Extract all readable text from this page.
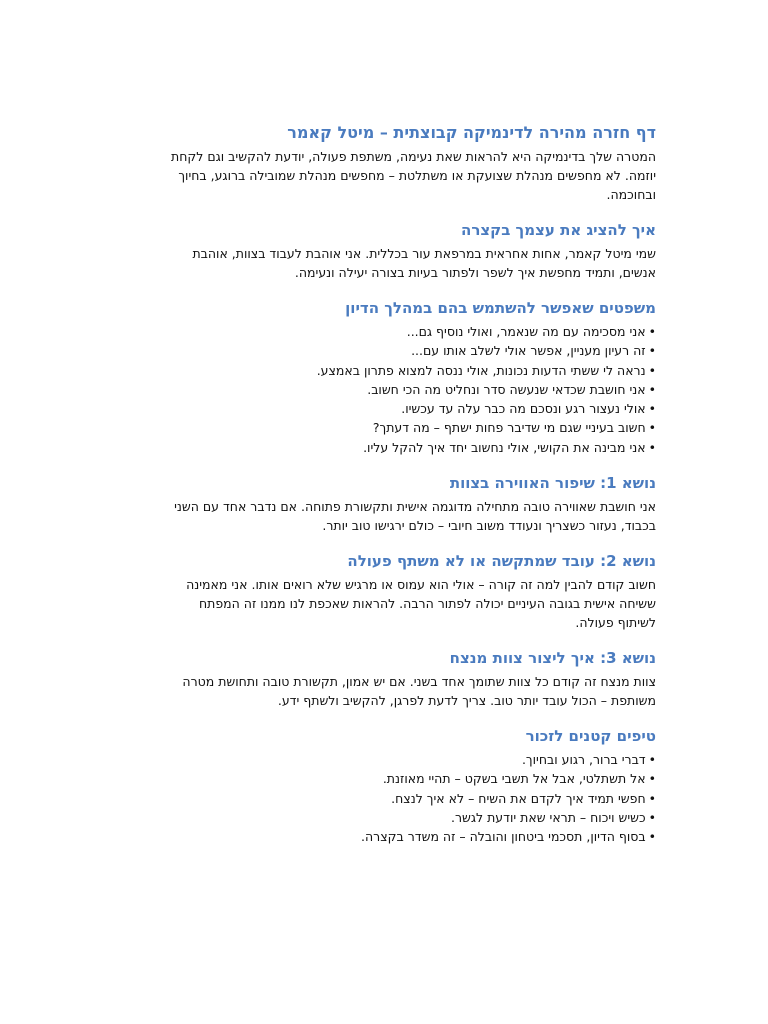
דף חזרה מהירה לדינמיקה קבוצתית – מיטל קאמר

המטרה שלך בדינמיקה היא להראות שאת נעימה, משתפת פעולה, יודעת להקשיב וגם לקחת
יוזמה. לא מחפשים מנהלת שצועקת או משתלטת – מחפשים מנהלת שמובילה ברוגע, בחיוך
ובחוכמה.

איך להציג את עצמך בקצרה

שמי מיטל קאמר, אחות אחראית במרפאת עור בכללית. אני אוהבת לעבוד בצוות, אוהבת
אנשים, ותמיד מחפשת איך לשפר ולפתור בעיות בצורה יעילה ונעימה.

משפטים שאפשר להשתמש בהם במהלך הדיון
•אני מסכימה עם מה שנאמר, ואולי נוסיף גם...
•זה רעיון מעניין, אפשר אולי לשלב אותו עם...
•נראה לי ששתי הדעות נכונות, אולי ננסה למצוא פתרון באמצע.
•אני חושבת שכדאי שנעשה סדר ונחליט מה הכי חשוב.
•אולי נעצור רגע ונסכם מה כבר עלה עד עכשיו.
•חשוב בעיניי שגם מי שדיבר פחות ישתף – מה דעתך?
•אני מבינה את הקושי, אולי נחשוב יחד איך להקל עליו.
נושא 1: שיפור האווירה בצוות

אני חושבת שאווירה טובה מתחילה מדוגמה אישית ותקשורת פתוחה. אם נדבר אחד עם השני
בכבוד, נעזור כשצריך ונעודד משוב חיובי – כולם ירגישו טוב יותר.

נושא 2: עובד שמתקשה או לא משתף פעולה

חשוב קודם להבין למה זה קורה – אולי הוא עמוס או מרגיש שלא רואים אותו. אני מאמינה
ששיחה אישית בגובה העיניים יכולה לפתור הרבה. להראות שאכפת לנו ממנו זה המפתח
לשיתוף פעולה.

נושא 3: איך ליצור צוות מנצח

צוות מנצח זה קודם כל צוות שתומך אחד בשני. אם יש אמון, תקשורת טובה ותחושת מטרה
משותפת – הכול עובד יותר טוב. צריך לדעת לפרגן, להקשיב ולשתף ידע.

טיפים קטנים לזכור
•דברי ברור, רגוע ובחיוך.
•אל תשתלטי, אבל אל תשבי בשקט – תהיי מאוזנת.
•חפשי תמיד איך לקדם את השיח – לא איך לנצח.
•כשיש ויכוח – תראי שאת יודעת לגשר.
•בסוף הדיון, תסכמי ביטחון והובלה – זה משדר בקצרה.
